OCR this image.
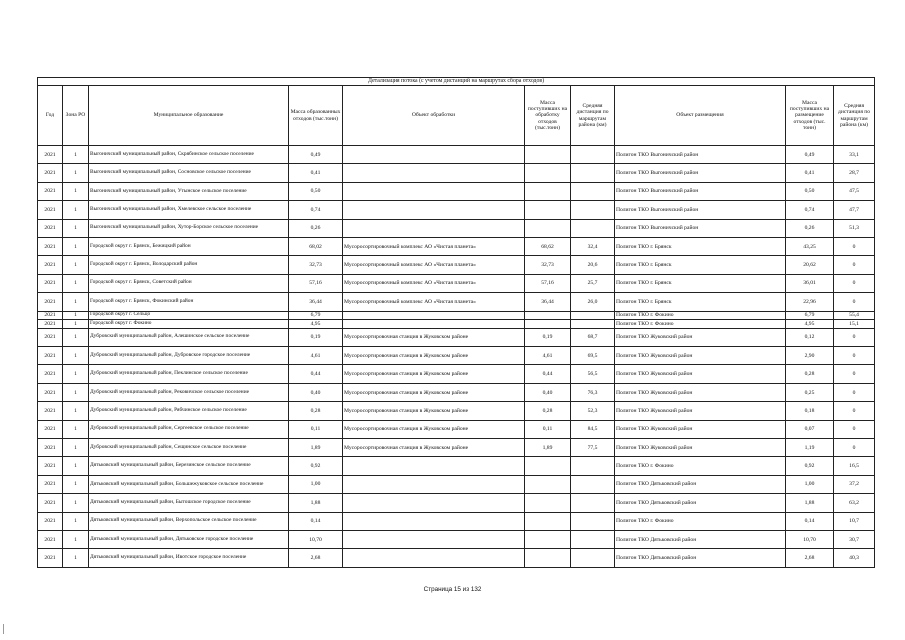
Детализация потока (с учетом дистанций на маршрутах сбора отходов)									
Год	Зона РО	Муниципальное образование	Масса образованных отходов (тыс.тонн)	Объект обработки	Масса поступивших на обработку отходов (тыс.тонн)	Средняя дистанция по маршрутам района (км)	Объект размещения	Масса поступивших на размещение отходов (тыс. тонн)	Средняя дистанция по маршрутам района (км)
2021	1	Выгоничский муниципальный район, Скрябинское сельское поселение	0,49				Полигон ТКО Выгоничский район	0,49	33,1
2021	1	Выгоничский муниципальный район, Сосновское сельское поселение	0,41				Полигон ТКО Выгоничский район	0,41	28,7
2021	1	Выгоничский муниципальный район, Утынское сельское поселение	0,50				Полигон ТКО Выгоничский район	0,50	47,5
2021	1	Выгоничский муниципальный район, Хмелевское сельское поселение	0,74				Полигон ТКО Выгоничский район	0,74	47,7
2021	1	Выгоничский муниципальный район, Хутор-Борское сельское поселение	0,26				Полигон ТКО Выгоничский район	0,26	51,3
2021	1	Городской округ г. Брянск, Бежицкий район	68,02	Мусоросортировочный комплекс АО «Чистая планета»	68,62	32,4	Полигон ТКО г. Брянск	43,25	0
2021	1	Городской округ г. Брянск, Володарский район	32,73	Мусоросортировочный комплекс АО «Чистая планета»	32,73	20,6	Полигон ТКО г. Брянск	20,62	0
2021	1	Городской округ г. Брянск, Советский район	57,16	Мусоросортировочный комплекс АО «Чистая планета»	57,16	25,7	Полигон ТКО г. Брянск	36,01	0
2021	1	Городской округ г. Брянск, Фокинский район	36,44	Мусоросортировочный комплекс АО «Чистая планета»	36,44	26,0	Полигон ТКО г. Брянск	22,96	0
2021	1	Городской округ г. Сельцо	6,79				Полигон ТКО г. Фокино	6,79	55,4
2021	1	Городской округ г. Фокино	4,95				Полигон ТКО г. Фокино	4,95	15,1
2021	1	Дубровский муниципальный район, Алешинское сельское поселение	0,19	Мусоросортировочная станция в Жуковском районе	0,19	68,7	Полигон ТКО Жуковский район	0,12	0
2021	1	Дубровский муниципальный район, Дубровское городское поселение	4,61	Мусоросортировочная станция в Жуковском районе	4,61	69,5	Полигон ТКО Жуковский район	2,90	0
2021	1	Дубровский муниципальный район, Пеклинское сельское поселение	0,44	Мусоросортировочная станция в Жуковском районе	0,44	56,5	Полигон ТКО Жуковский район	0,28	0
2021	1	Дубровский муниципальный район, Рековичское сельское поселение	0,40	Мусоросортировочная станция в Жуковском районе	0,40	76,3	Полигон ТКО Жуковский район	0,25	0
2021	1	Дубровский муниципальный район, Рябчинское сельское поселение	0,28	Мусоросортировочная станция в Жуковском районе	0,28	52,3	Полигон ТКО Жуковский район	0,18	0
2021	1	Дубровский муниципальный район, Сергеевское сельское поселение	0,11	Мусоросортировочная станция в Жуковском районе	0,11	84,5	Полигон ТКО Жуковский район	0,07	0
2021	1	Дубровский муниципальный район, Сещинское сельское поселение	1,89	Мусоросортировочная станция в Жуковском районе	1,89	77,5	Полигон ТКО Жуковский район	1,19	0
2021	1	Дятьковский муниципальный район, Березинское сельское поселение	0,92				Полигон ТКО г. Фокино	0,92	16,5
2021	1	Дятьковский муниципальный район, Большежуковское сельское поселение	1,00				Полигон ТКО Дятьковский район	1,00	37,2
2021	1	Дятьковский муниципальный район, Бытошское городское поселение	1,88				Полигон ТКО Дятьковский район	1,88	63,2
2021	1	Дятьковский муниципальный район, Верхопольское сельское поселение	0,14				Полигон ТКО г. Фокино	0,14	10,7
2021	1	Дятьковский муниципальный район, Дятьковское городское поселение	10,70				Полигон ТКО Дятьковский район	10,70	30,7
2021	1	Дятьковский муниципальный район, Ивотское городское поселение	2,68				Полигон ТКО Дятьковский район	2,68	40,3
Страница 15 из 132
